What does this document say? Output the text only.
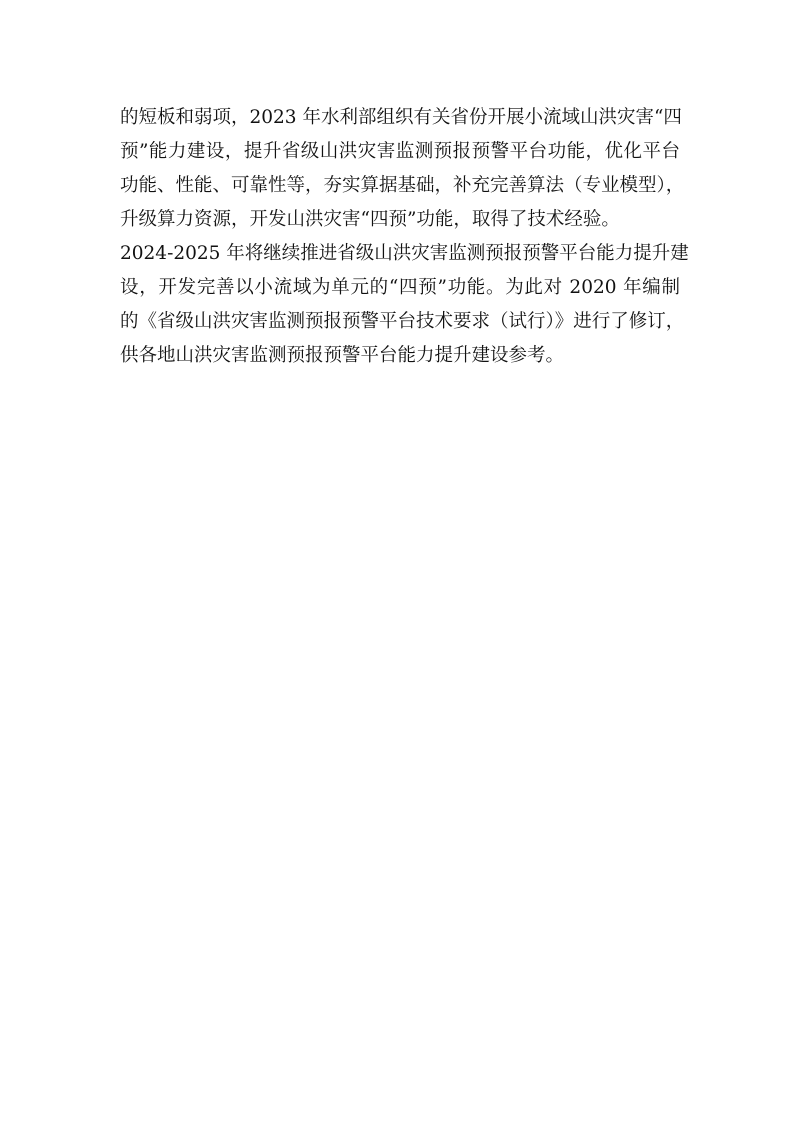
的短板和弱项，2023 年水利部组织有关省份开展小流域山洪灾害“四
预”能力建设，提升省级山洪灾害监测预报预警平台功能，优化平台
功能、性能、可靠性等，夯实算据基础，补充完善算法（专业模型），
升级算力资源，开发山洪灾害“四预”功能，取得了技术经验。
2024-2025 年将继续推进省级山洪灾害监测预报预警平台能力提升建
设，开发完善以小流域为单元的“四预”功能。为此对 2020 年编制
的《省级山洪灾害监测预报预警平台技术要求（试行）》进行了修订，
供各地山洪灾害监测预报预警平台能力提升建设参考。
